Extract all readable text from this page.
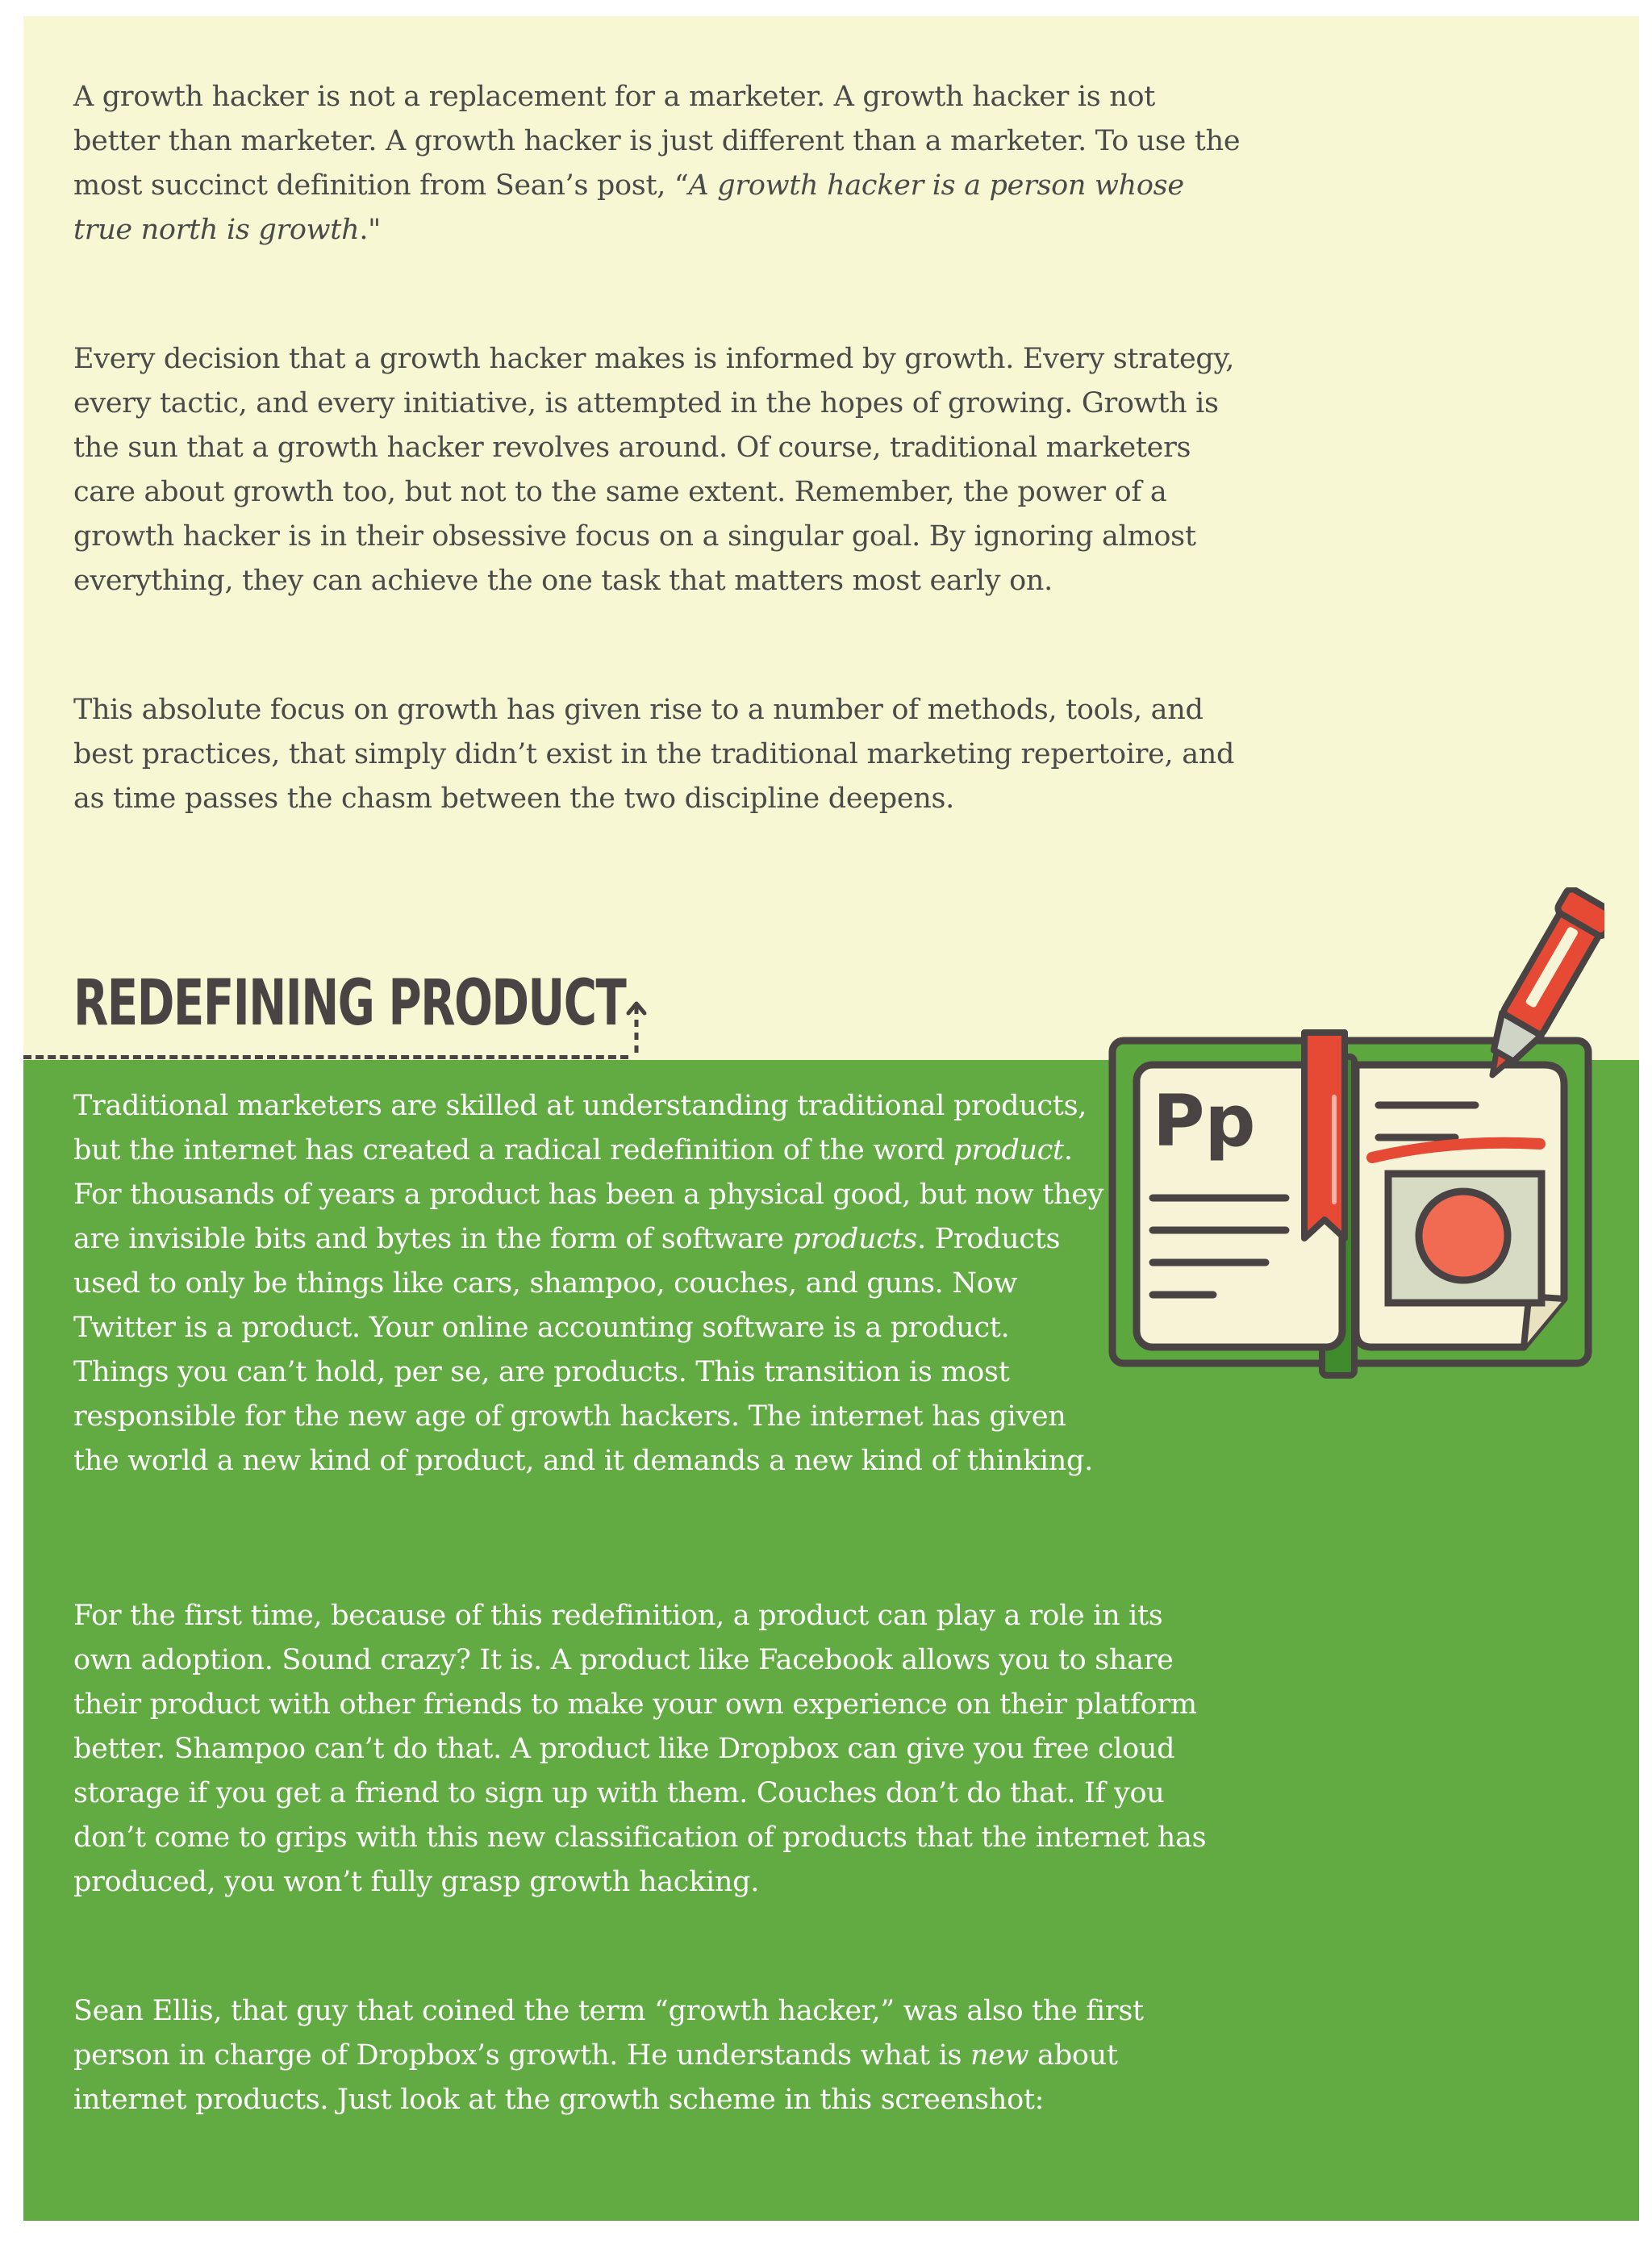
A growth hacker is not a replacement for a marketer. A growth hacker is not better than marketer. A growth hacker is just different than a marketer. To use the most succinct definition from Sean’s post, “A growth hacker is a person whose true north is growth."

Every decision that a growth hacker makes is informed by growth. Every strategy, every tactic, and every initiative, is attempted in the hopes of growing. Growth is the sun that a growth hacker revolves around. Of course, traditional marketers care about growth too, but not to the same extent. Remember, the power of a growth hacker is in their obsessive focus on a singular goal. By ignoring almost everything, they can achieve the one task that matters most early on.

This absolute focus on growth has given rise to a number of methods, tools, and best practices, that simply didn’t exist in the traditional marketing repertoire, and as time passes the chasm between the two discipline deepens.

REDEFINING PRODUCT

Traditional marketers are skilled at understanding traditional products, but the internet has created a radical redefinition of the word product. For thousands of years a product has been a physical good, but now they are invisible bits and bytes in the form of software products. Products used to only be things like cars, shampoo, couches, and guns. Now Twitter is a product. Your online accounting software is a product. Things you can’t hold, per se, are products. This transition is most responsible for the new age of growth hackers. The internet has given the world a new kind of product, and it demands a new kind of thinking.

For the first time, because of this redefinition, a product can play a role in its own adoption. Sound crazy? It is. A product like Facebook allows you to share their product with other friends to make your own experience on their platform better. Shampoo can’t do that. A product like Dropbox can give you free cloud storage if you get a friend to sign up with them. Couches don’t do that. If you don’t come to grips with this new classification of products that the internet has produced, you won’t fully grasp growth hacking.

Sean Ellis, that guy that coined the term “growth hacker,” was also the first person in charge of Dropbox’s growth. He understands what is new about internet products. Just look at the growth scheme in this screenshot:

Pp
